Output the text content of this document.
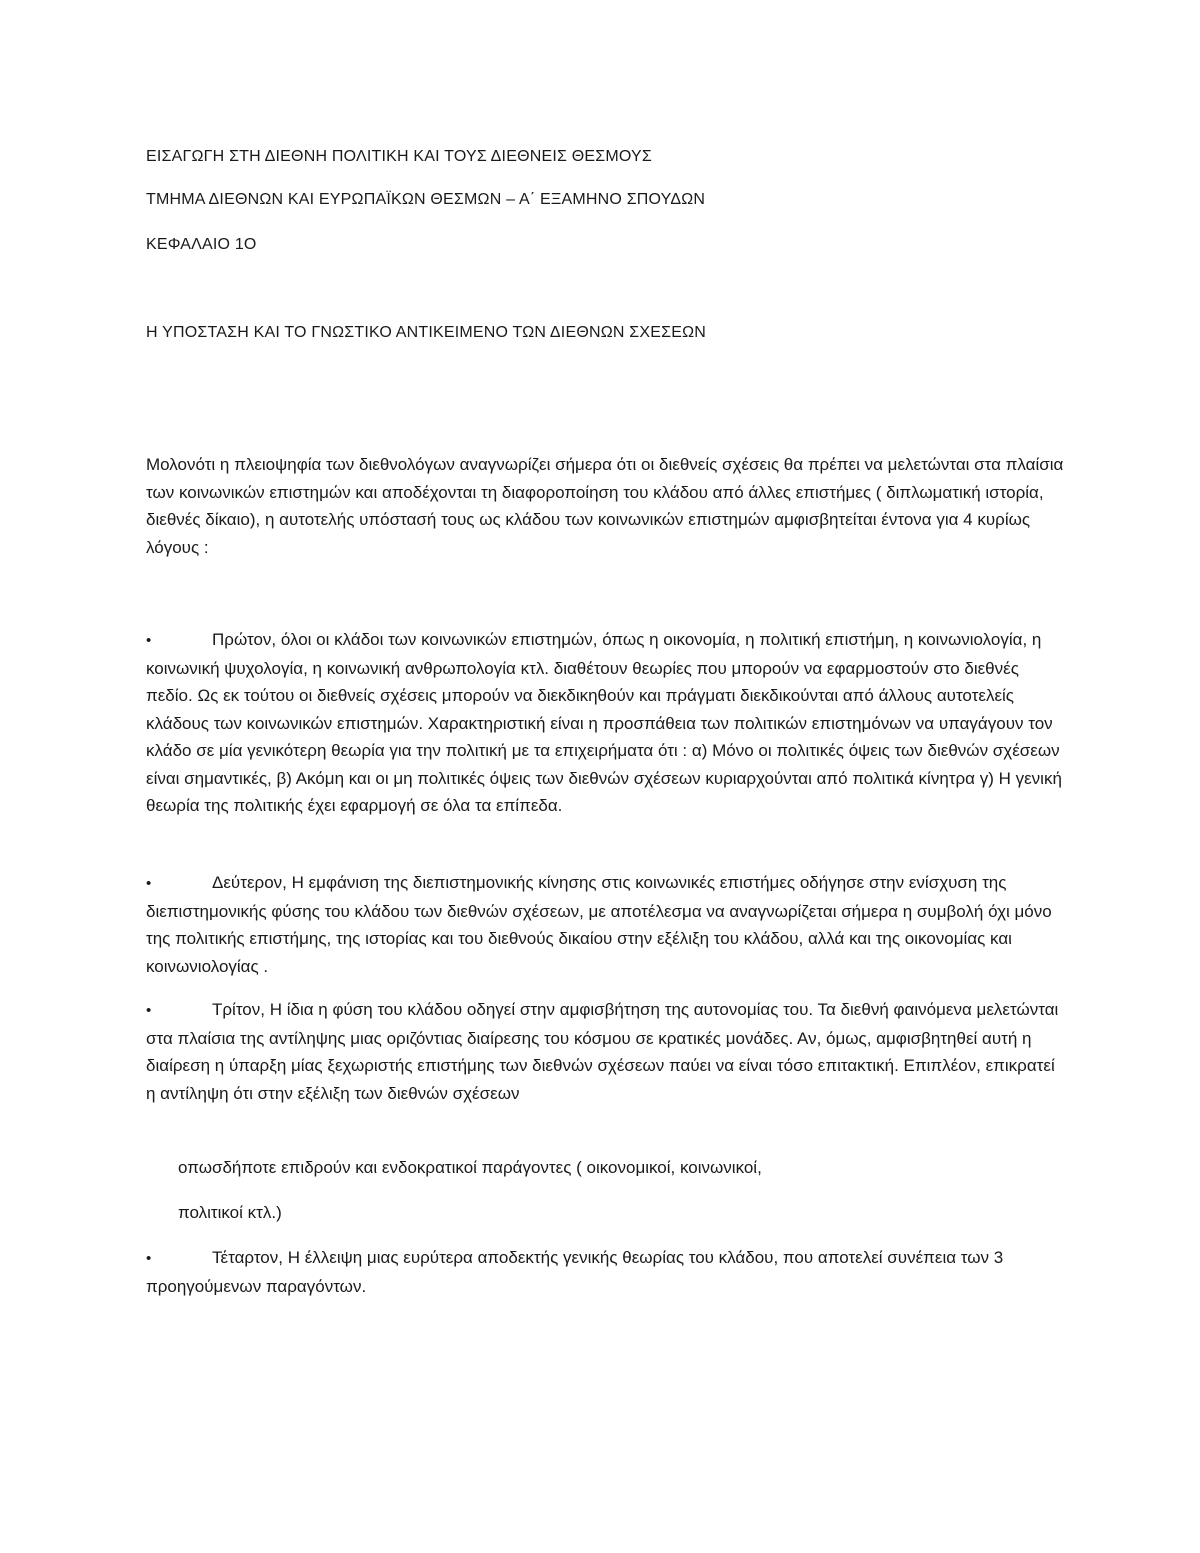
ΕΙΣΑΓΩΓΗ ΣΤΗ ΔΙΕΘΝΗ ΠΟΛΙΤΙΚΗ ΚΑΙ ΤΟΥΣ ΔΙΕΘΝΕΙΣ ΘΕΣΜΟΥΣ
ΤΜΗΜΑ ΔΙΕΘΝΩΝ ΚΑΙ ΕΥΡΩΠΑΪΚΩΝ ΘΕΣΜΩΝ – Α΄ ΕΞΑΜΗΝΟ ΣΠΟΥΔΩΝ
ΚΕΦΑΛΑΙΟ 1Ο
Η ΥΠΟΣΤΑΣΗ ΚΑΙ ΤΟ ΓΝΩΣΤΙΚΟ ΑΝΤΙΚΕΙΜΕΝΟ ΤΩΝ ΔΙΕΘΝΩΝ ΣΧΕΣΕΩΝ

Μολονότι η πλειοψηφία των διεθνολόγων αναγνωρίζει σήμερα ότι οι διεθνείς σχέσεις θα πρέπει να μελετώνται στα πλαίσια των κοινωνικών επιστημών και αποδέχονται τη διαφοροποίηση του κλάδου από άλλες επιστήμες ( διπλωματική ιστορία, διεθνές δίκαιο), η αυτοτελής υπόστασή τους ως κλάδου των κοινωνικών επιστημών αμφισβητείται έντονα για 4 κυρίως λόγους :

•	Πρώτον, όλοι οι κλάδοι των κοινωνικών επιστημών, όπως η οικονομία, η πολιτική επιστήμη, η κοινωνιολογία, η κοινωνική ψυχολογία, η κοινωνική ανθρωπολογία κτλ. διαθέτουν θεωρίες που μπορούν να εφαρμοστούν στο διεθνές πεδίο. Ως εκ τούτου οι διεθνείς σχέσεις μπορούν να διεκδικηθούν και πράγματι διεκδικούνται από άλλους αυτοτελείς κλάδους των κοινωνικών επιστημών. Χαρακτηριστική είναι η προσπάθεια των πολιτικών επιστημόνων να υπαγάγουν τον κλάδο σε μία γενικότερη θεωρία για την πολιτική με τα επιχειρήματα ότι : α) Μόνο οι πολιτικές όψεις των διεθνών σχέσεων είναι σημαντικές, β) Ακόμη και οι μη πολιτικές όψεις των διεθνών σχέσεων κυριαρχούνται από πολιτικά κίνητρα γ) Η γενική θεωρία της πολιτικής έχει εφαρμογή σε όλα τα επίπεδα.
•	Δεύτερον, Η εμφάνιση της διεπιστημονικής κίνησης στις κοινωνικές επιστήμες οδήγησε στην ενίσχυση της διεπιστημονικής φύσης του κλάδου των διεθνών σχέσεων, με αποτέλεσμα να αναγνωρίζεται σήμερα η συμβολή όχι μόνο της πολιτικής επιστήμης, της ιστορίας και του διεθνούς δικαίου στην εξέλιξη του κλάδου, αλλά και της οικονομίας και κοινωνιολογίας .
•	Τρίτον, Η ίδια η φύση του κλάδου οδηγεί στην αμφισβήτηση της αυτονομίας του. Τα διεθνή φαινόμενα μελετώνται στα πλαίσια της αντίληψης μιας οριζόντιας διαίρεσης του κόσμου σε κρατικές μονάδες. Αν, όμως, αμφισβητηθεί αυτή η διαίρεση η ύπαρξη μίας ξεχωριστής επιστήμης των διεθνών σχέσεων παύει να είναι τόσο επιτακτική. Επιπλέον, επικρατεί η αντίληψη ότι στην εξέλιξη των διεθνών σχέσεων

οπωσδήποτε επιδρούν και ενδοκρατικοί παράγοντες ( οικονομικοί, κοινωνικοί,

πολιτικοί κτλ.)

•	Τέταρτον, Η έλλειψη μιας ευρύτερα αποδεκτής γενικής θεωρίας του κλάδου, που αποτελεί συνέπεια των 3 προηγούμενων παραγόντων.
